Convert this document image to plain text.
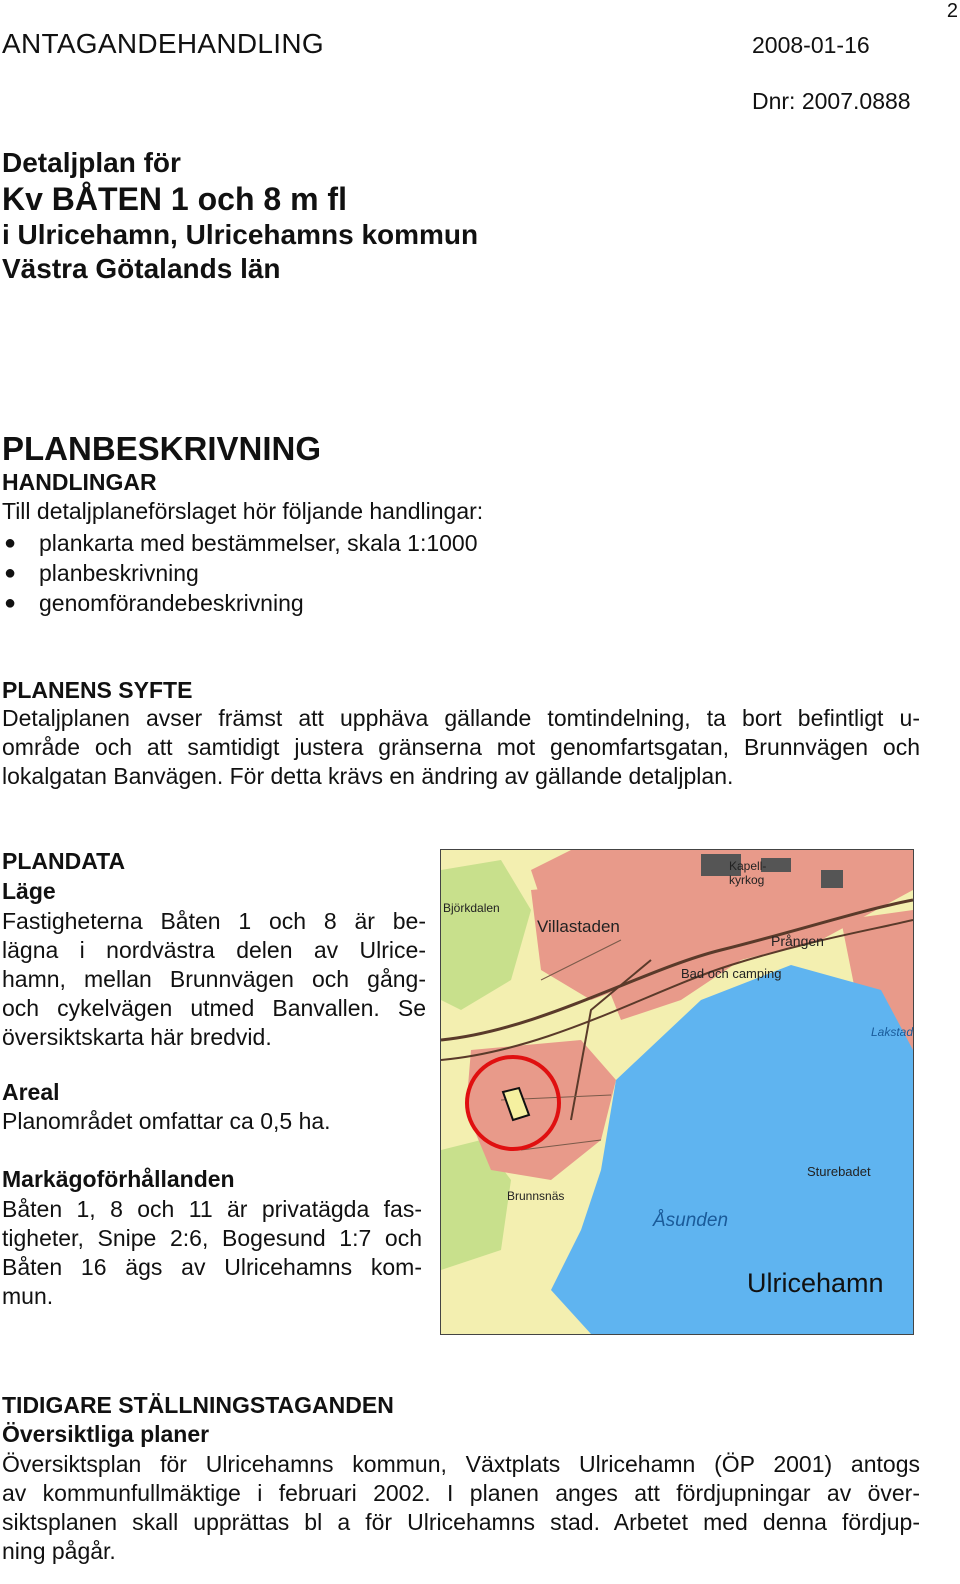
2
ANTAGANDEHANDLING	2008-01-16
Dnr: 2007.0888
Detaljplan för
Kv BÅTEN 1 och 8 m fl
i Ulricehamn, Ulricehamns kommun
Västra Götalands län
PLANBESKRIVNING
HANDLINGAR
Till detaljplaneförslaget hör följande handlingar:
● plankarta med bestämmelser, skala 1:1000
● planbeskrivning
● genomförandebeskrivning
PLANENS SYFTE
Detaljplanen avser främst att upphäva gällande tomtindelning, ta bort befintligt u-
område och att samtidigt justera gränserna mot genomfartsgatan, Brunnvägen och
lokalgatan Banvägen. För detta krävs en ändring av gällande detaljplan.
PLANDATA
Läge
Fastigheterna Båten 1 och 8 är be-
lägna i nordvästra delen av Ulrice-
hamn, mellan Brunnvägen och gång-
och cykelvägen utmed Banvallen. Se
översiktskarta här bredvid.
Areal
Planområdet omfattar ca 0,5 ha.
Markägoförhållanden
Båten 1, 8 och 11 är privatägda fas-
tigheter, Snipe 2:6, Bogesund 1:7 och
Båten 16 ägs av Ulricehamns kom-
mun.
Björkdalen
Villastaden
Kapell-
kyrkog
Prången
Bad och camping
Lakstad
Sturebadet
Brunnsnäs
Åsunden
Ulricehamn
TIDIGARE STÄLLNINGSTAGANDEN
Översiktliga planer
Översiktsplan för Ulricehamns kommun, Växtplats Ulricehamn (ÖP 2001) antogs
av kommunfullmäktige i februari 2002. I planen anges att fördjupningar av över-
siktsplanen skall upprättas bl a för Ulricehamns stad. Arbetet med denna fördjup-
ning pågår.
